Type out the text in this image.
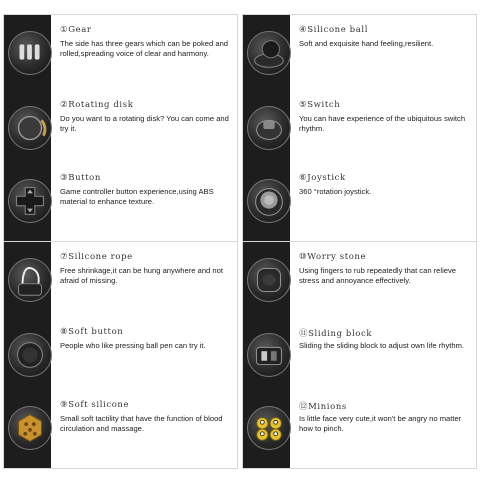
①Gear
The side has three gears which can be poked and rolled,spreading voice of clear and harmony.
②Rotating disk
Do you want to a rotating disk? You can come and try it.
③Button
Game controller button experience,using ABS material to enhance texture.
④Silicone ball
Soft and exquisite hand feeling,resilient.
⑤Switch
You can have experience of the ubiquitous switch rhythm.
⑥Joystick
360 °rotation joystick.
⑦Silicone rope
Free shrinkage,it can be hung anywhere and not afraid of missing.
⑧Soft button
People who like pressing ball pen can try it.
⑨Soft silicone
Small soft tactility that have the function of blood circulation and massage.
⑩Worry stone
Using fingers to rub repeatedly that can relieve stress and annoyance effectively.
⑪Sliding block
Sliding the sliding block to adjust own life rhythm.
⑫Minions
Is little face very cute,it won't be angry no matter how to pinch.
